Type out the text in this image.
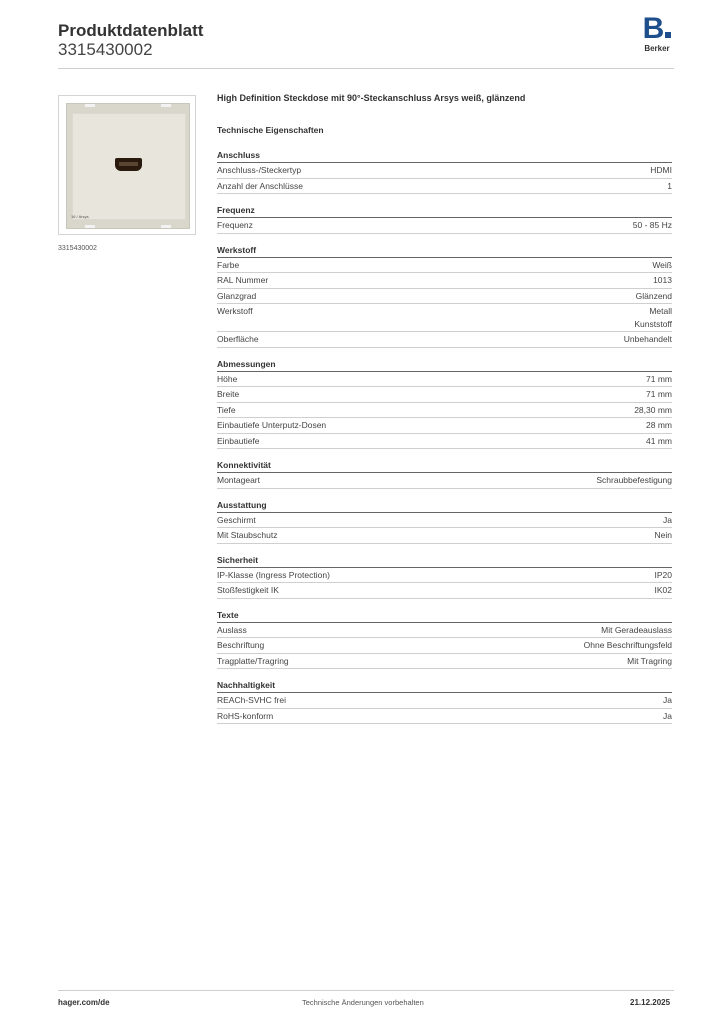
Produktdatenblatt
3315430002
B
Berker
16 / Arsys
3315430002
High Definition Steckdose mit 90°-Steckanschluss Arsys weiß, glänzend
Technische Eigenschaften
Anschluss
Anschluss-/Steckertyp	HDMI
Anzahl der Anschlüsse	1
Frequenz
Frequenz	50 - 85 Hz
Werkstoff
Farbe	Weiß
RAL Nummer	1013
Glanzgrad	Glänzend
Werkstoff	Metall
Kunststoff
Oberfläche	Unbehandelt
Abmessungen
Höhe	71 mm
Breite	71 mm
Tiefe	28,30 mm
Einbautiefe Unterputz-Dosen	28 mm
Einbautiefe	41 mm
Konnektivität
Montageart	Schraubbefestigung
Ausstattung
Geschirmt	Ja
Mit Staubschutz	Nein
Sicherheit
IP-Klasse (Ingress Protection)	IP20
Stoßfestigkeit IK	IK02
Texte
Auslass	Mit Geradeauslass
Beschriftung	Ohne Beschriftungsfeld
Tragplatte/Tragring	Mit Tragring
Nachhaltigkeit
REACh-SVHC frei	Ja
RoHS-konform	Ja
hager.com/de	Technische Änderungen vorbehalten	21.12.2025
